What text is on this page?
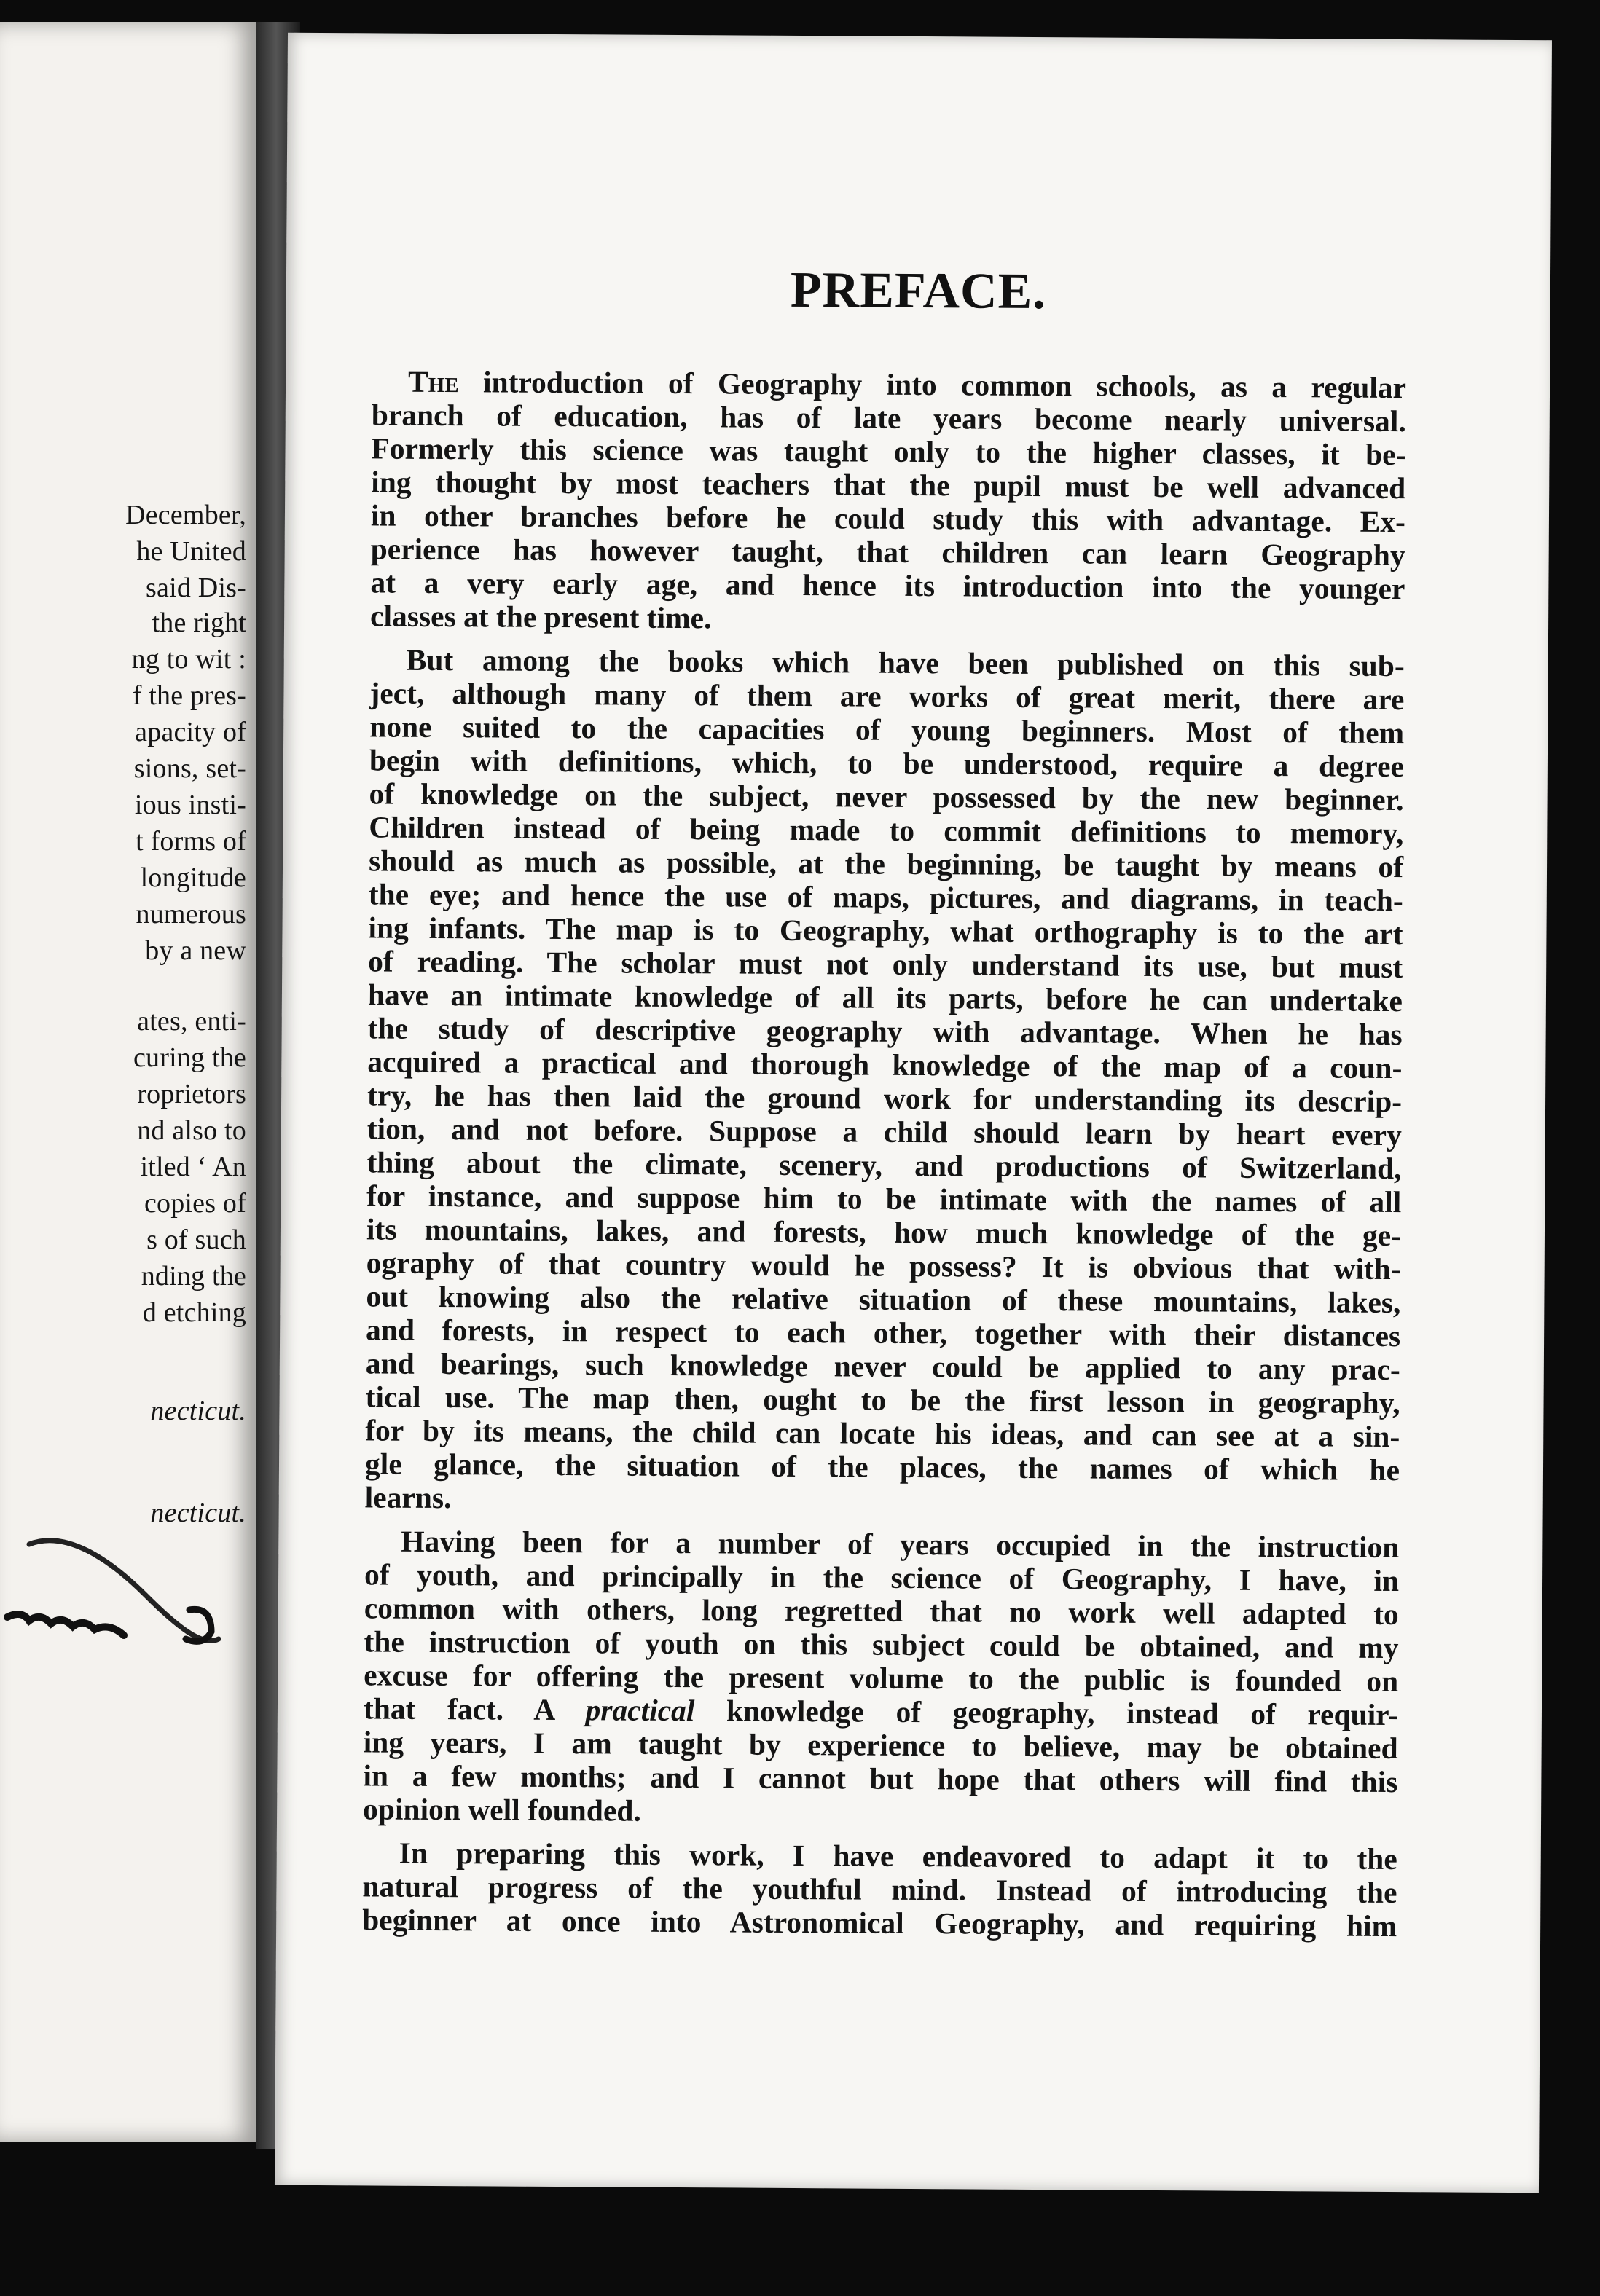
December,
he United
said Dis-
the right
ng to wit :
f the pres-
apacity of
sions, set-
ious insti-
t forms of
longitude
numerous
by a new
ates, enti-
curing the
roprietors
nd also to
itled ‘ An
copies of
s of such
nding the
d etching
necticut.
necticut.

PREFACE.
The introduction of Geography into common schools, as a regular
branch of education, has of late years become nearly universal.
Formerly this science was taught only to the higher classes, it be-
ing thought by most teachers that the pupil must be well advanced
in other branches before he could study this with advantage. Ex-
perience has however taught, that children can learn Geography
at a very early age, and hence its introduction into the younger
classes at the present time.
But among the books which have been published on this sub-
ject, although many of them are works of great merit, there are
none suited to the capacities of young beginners. Most of them
begin with definitions, which, to be understood, require a degree
of knowledge on the subject, never possessed by the new beginner.
Children instead of being made to commit definitions to memory,
should as much as possible, at the beginning, be taught by means of
the eye; and hence the use of maps, pictures, and diagrams, in teach-
ing infants. The map is to Geography, what orthography is to the art
of reading. The scholar must not only understand its use, but must
have an intimate knowledge of all its parts, before he can undertake
the study of descriptive geography with advantage. When he has
acquired a practical and thorough knowledge of the map of a coun-
try, he has then laid the ground work for understanding its descrip-
tion, and not before. Suppose a child should learn by heart every
thing about the climate, scenery, and productions of Switzerland,
for instance, and suppose him to be intimate with the names of all
its mountains, lakes, and forests, how much knowledge of the ge-
ography of that country would he possess? It is obvious that with-
out knowing also the relative situation of these mountains, lakes,
and forests, in respect to each other, together with their distances
and bearings, such knowledge never could be applied to any prac-
tical use. The map then, ought to be the first lesson in geography,
for by its means, the child can locate his ideas, and can see at a sin-
gle glance, the situation of the places, the names of which he
learns.
Having been for a number of years occupied in the instruction
of youth, and principally in the science of Geography, I have, in
common with others, long regretted that no work well adapted to
the instruction of youth on this subject could be obtained, and my
excuse for offering the present volume to the public is founded on
that fact. A practical knowledge of geography, instead of requir-
ing years, I am taught by experience to believe, may be obtained
in a few months; and I cannot but hope that others will find this
opinion well founded.
In preparing this work, I have endeavored to adapt it to the
natural progress of the youthful mind. Instead of introducing the
beginner at once into Astronomical Geography, and requiring him
